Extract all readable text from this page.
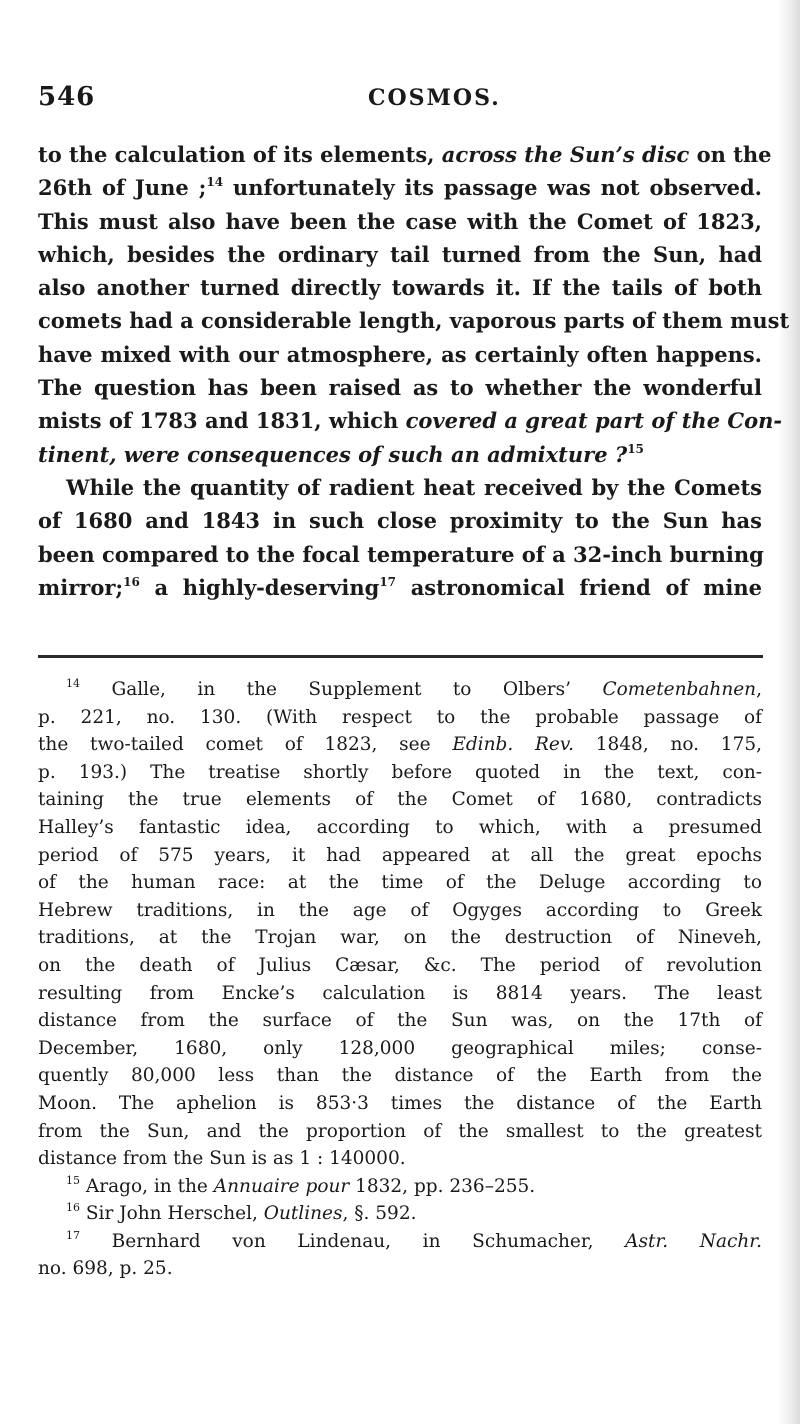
546	COSMOS.
to the calculation of its elements, across the Sun’s disc on the
26th of June ;$^{14}$ unfortunately its passage was not observed.
This must also have been the case with the Comet of 1823,
which, besides the ordinary tail turned from the Sun, had
also another turned directly towards it. If the tails of both
comets had a considerable length, vaporous parts of them must
have mixed with our atmosphere, as certainly often happens.
The question has been raised as to whether the wonderful
mists of 1783 and 1831, which covered a great part of the Con-
tinent, were consequences of such an admixture ?$^{15}$
While the quantity of radient heat received by the Comets
of 1680 and 1843 in such close proximity to the Sun has
been compared to the focal temperature of a 32-inch burning
mirror;$^{16}$ a highly-deserving$^{17}$ astronomical friend of mine
$^{14}$ Galle, in the Supplement to Olbers’ Cometenbahnen,
p. 221, no. 130. (With respect to the probable passage of
the two-tailed comet of 1823, see Edinb. Rev. 1848, no. 175,
p. 193.) The treatise shortly before quoted in the text, con-
taining the true elements of the Comet of 1680, contradicts
Halley’s fantastic idea, according to which, with a presumed
period of 575 years, it had appeared at all the great epochs
of the human race: at the time of the Deluge according to
Hebrew traditions, in the age of Ogyges according to Greek
traditions, at the Trojan war, on the destruction of Nineveh,
on the death of Julius Cæsar, &c. The period of revolution
resulting from Encke’s calculation is 8814 years. The least
distance from the surface of the Sun was, on the 17th of
December, 1680, only 128,000 geographical miles; conse-
quently 80,000 less than the distance of the Earth from the
Moon. The aphelion is 853·3 times the distance of the Earth
from the Sun, and the proportion of the smallest to the greatest
distance from the Sun is as 1 : 140000.
$^{15}$ Arago, in the Annuaire pour 1832, pp. 236–255.
$^{16}$ Sir John Herschel, Outlines, §. 592.
$^{17}$ Bernhard von Lindenau, in Schumacher, Astr. Nachr.
no. 698, p. 25.
